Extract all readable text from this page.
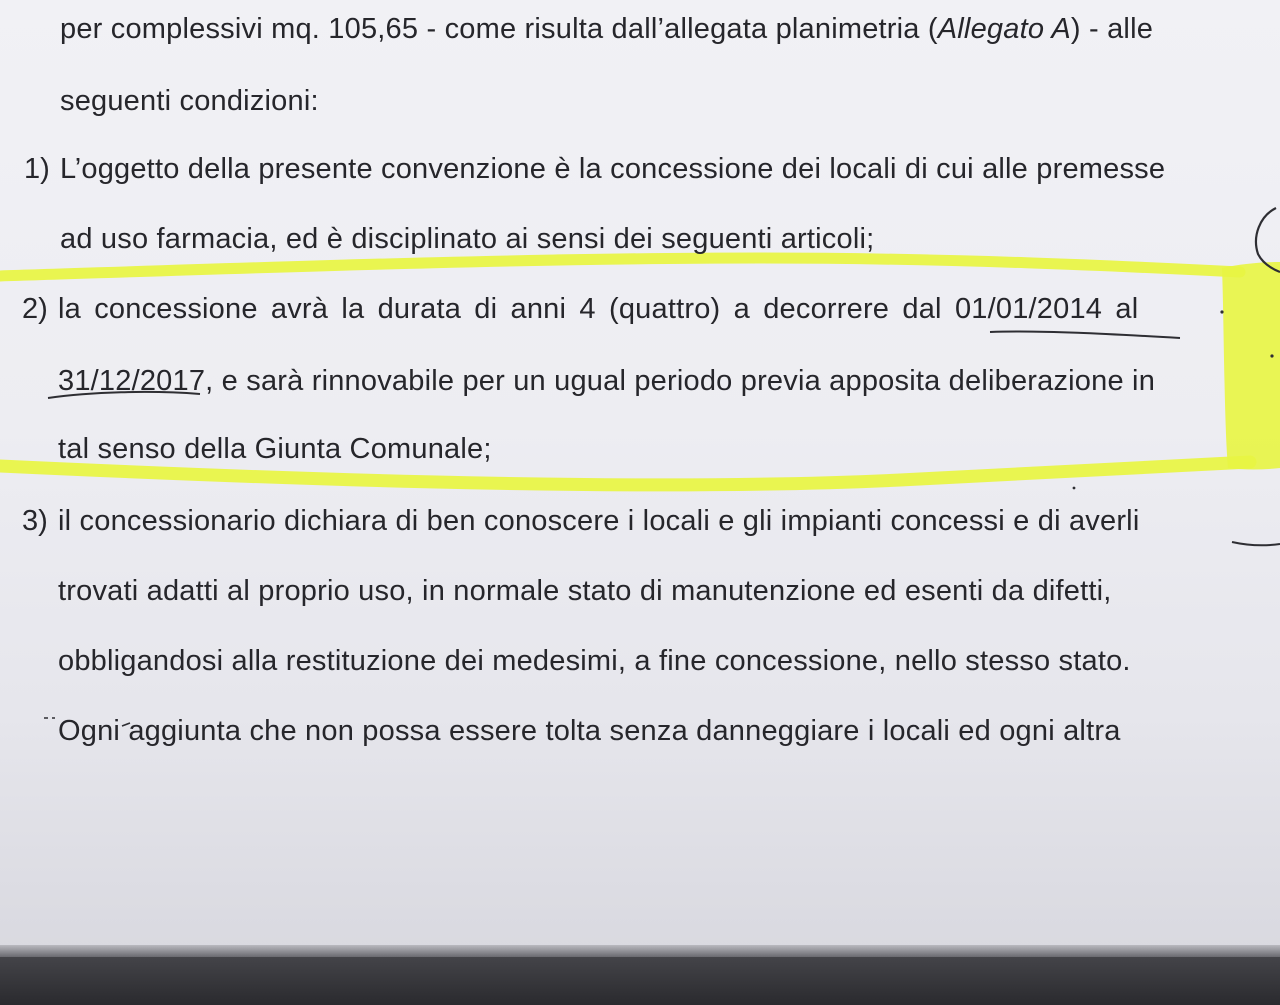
per complessivi mq. 105,65 - come risulta dall’allegata planimetria (Allegato A) - alle
seguenti condizioni:
1) L’oggetto della presente convenzione è la concessione dei locali di cui alle premesse
ad uso farmacia, ed è disciplinato ai sensi dei seguenti articoli;
2) la concessione avrà la durata di anni 4 (quattro) a decorrere dal 01/01/2014 al
31/12/2017, e sarà rinnovabile per un ugual periodo previa apposita deliberazione in
tal senso della Giunta Comunale;
3) il concessionario dichiara di ben conoscere i locali e gli impianti concessi e di averli
trovati adatti al proprio uso, in normale stato di manutenzione ed esenti da difetti,
obbligandosi alla restituzione dei medesimi, a fine concessione, nello stesso stato.
Ogni aggiunta che non possa essere tolta senza danneggiare i locali ed ogni altra
